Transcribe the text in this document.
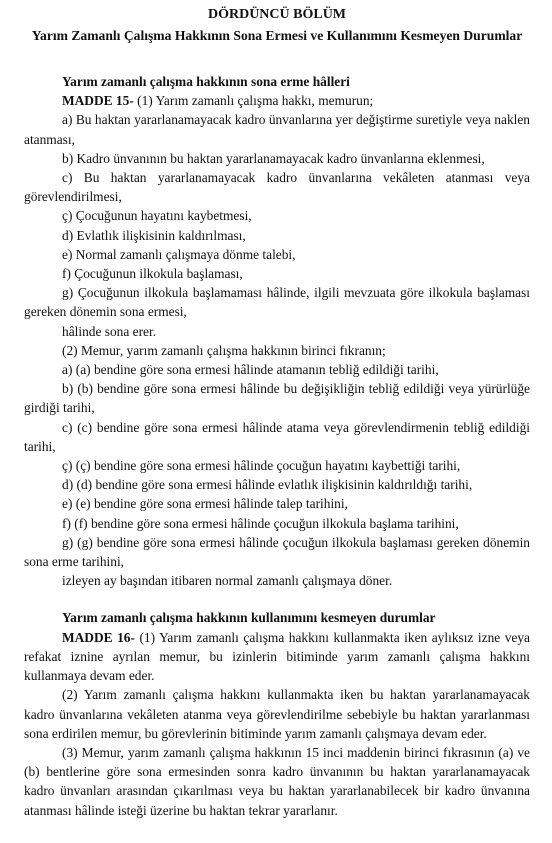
DÖRDÜNCÜ BÖLÜM
Yarım Zamanlı Çalışma Hakkının Sona Ermesi ve Kullanımını Kesmeyen Durumlar
Yarım zamanlı çalışma hakkının sona erme hâlleri

MADDE 15- (1) Yarım zamanlı çalışma hakkı, memurun;

a) Bu haktan yararlanamayacak kadro ünvanlarına yer değiştirme suretiyle veya naklen atanması,

b) Kadro ünvanının bu haktan yararlanamayacak kadro ünvanlarına eklenmesi,

c) Bu haktan yararlanamayacak kadro ünvanlarına vekâleten atanması veya görevlendirilmesi,

ç) Çocuğunun hayatını kaybetmesi,

d) Evlatlık ilişkisinin kaldırılması,

e) Normal zamanlı çalışmaya dönme talebi,

f) Çocuğunun ilkokula başlaması,

g) Çocuğunun ilkokula başlamaması hâlinde, ilgili mevzuata göre ilkokula başlaması gereken dönemin sona ermesi,

hâlinde sona erer.

(2) Memur, yarım zamanlı çalışma hakkının birinci fıkranın;

a) (a) bendine göre sona ermesi hâlinde atamanın tebliğ edildiği tarihi,

b) (b) bendine göre sona ermesi hâlinde bu değişikliğin tebliğ edildiği veya yürürlüğe girdiği tarihi,

c) (c) bendine göre sona ermesi hâlinde atama veya görevlendirmenin tebliğ edildiği tarihi,

ç) (ç) bendine göre sona ermesi hâlinde çocuğun hayatını kaybettiği tarihi,

d) (d) bendine göre sona ermesi hâlinde evlatlık ilişkisinin kaldırıldığı tarihi,

e) (e) bendine göre sona ermesi hâlinde talep tarihini,

f) (f) bendine göre sona ermesi hâlinde çocuğun ilkokula başlama tarihini,

g) (g) bendine göre sona ermesi hâlinde çocuğun ilkokula başlaması gereken dönemin sona erme tarihini,

izleyen ay başından itibaren normal zamanlı çalışmaya döner.

Yarım zamanlı çalışma hakkının kullanımını kesmeyen durumlar

MADDE 16- (1) Yarım zamanlı çalışma hakkını kullanmakta iken aylıksız izne veya refakat iznine ayrılan memur, bu izinlerin bitiminde yarım zamanlı çalışma hakkını kullanmaya devam eder.

(2) Yarım zamanlı çalışma hakkını kullanmakta iken bu haktan yararlanamayacak kadro ünvanlarına vekâleten atanma veya görevlendirilme sebebiyle bu haktan yararlanması sona erdirilen memur, bu görevlerinin bitiminde yarım zamanlı çalışmaya devam eder.

(3) Memur, yarım zamanlı çalışma hakkının 15 inci maddenin birinci fıkrasının (a) ve (b) bentlerine göre sona ermesinden sonra kadro ünvanının bu haktan yararlanamayacak kadro ünvanları arasından çıkarılması veya bu haktan yararlanabilecek bir kadro ünvanına atanması hâlinde isteği üzerine bu haktan tekrar yararlanır.
